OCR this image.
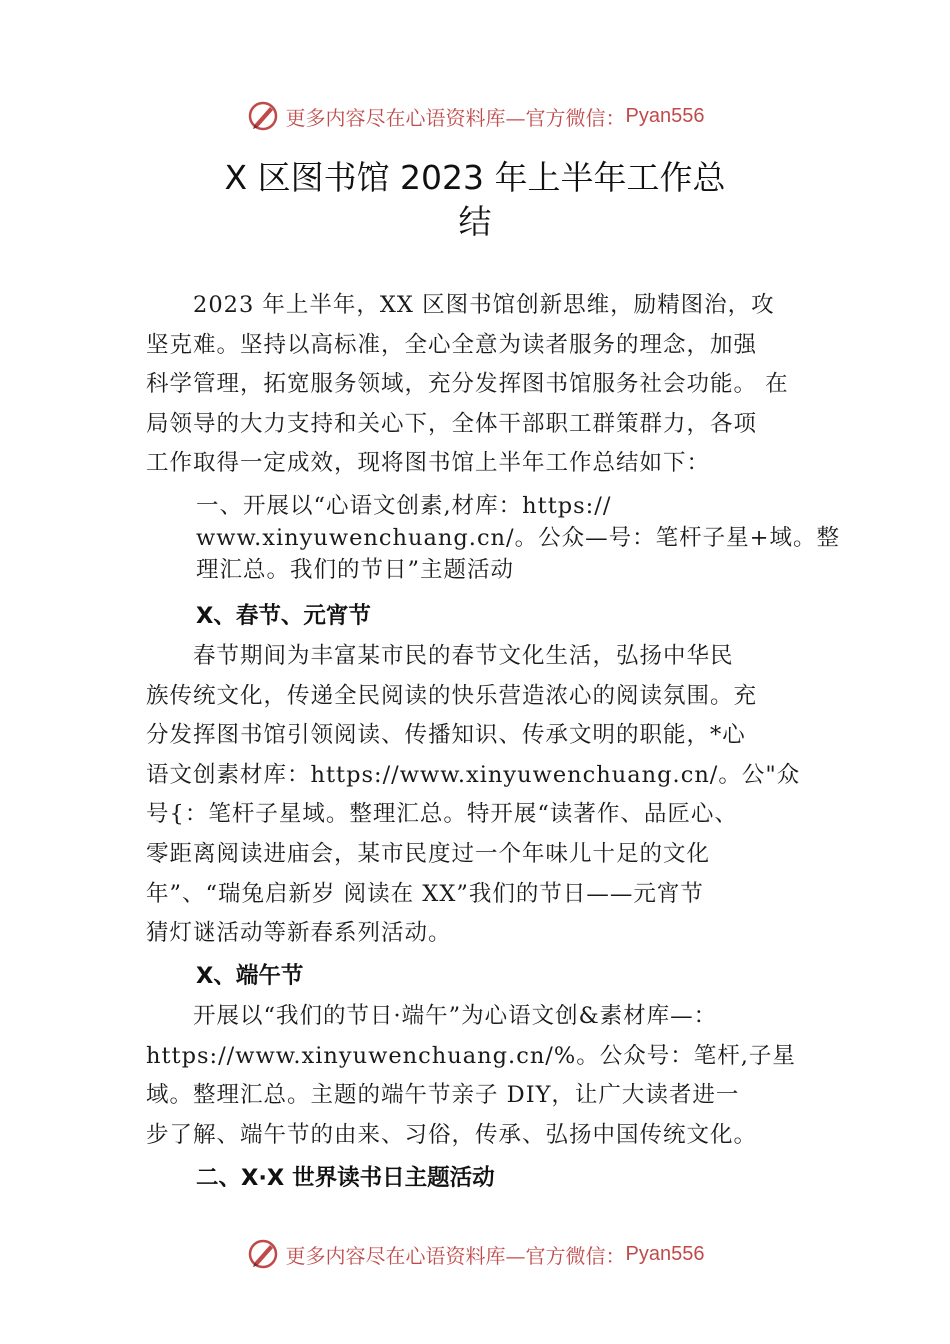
更多内容尽在心语资料库—官方微信： Pyan556
X 区图书馆 2023 年上半年工作总
结
　　2023 年上半年，XX 区图书馆创新思维，励精图治，攻
坚克难。坚持以高标准，全心全意为读者服务的理念，加强
科学管理，拓宽服务领域，充分发挥图书馆服务社会功能。 在
局领导的大力支持和关心下，全体干部职工群策群力，各项
工作取得一定成效，现将图书馆上半年工作总结如下：
一、开展以“心语文创素,材库：https://
www.xinyuwenchuang.cn/。公众—号：笔杆子星+域。整
理汇总。我们的节日”主题活动
X、春节、元宵节
　　春节期间为丰富某市民的春节文化生活，弘扬中华民
族传统文化，传递全民阅读的快乐营造浓心的阅读氛围。充
分发挥图书馆引领阅读、传播知识、传承文明的职能，*心
语文创素材库：https://www.xinyuwenchuang.cn/。公"众
号{：笔杆子星域。整理汇总。特开展“读著作、品匠心、
零距离阅读进庙会，某市民度过一个年味儿十足的文化
年”、“瑞兔启新岁 阅读在 XX”我们的节日——元宵节
猜灯谜活动等新春系列活动。
X、端午节
　　开展以“我们的节日·端午”为心语文创&素材库—：
https://www.xinyuwenchuang.cn/%。公众号：笔杆,子星
域。整理汇总。主题的端午节亲子 DIY，让广大读者进一
步了解、端午节的由来、习俗，传承、弘扬中国传统文化。
二、X·X 世界读书日主题活动
更多内容尽在心语资料库—官方微信： Pyan556
